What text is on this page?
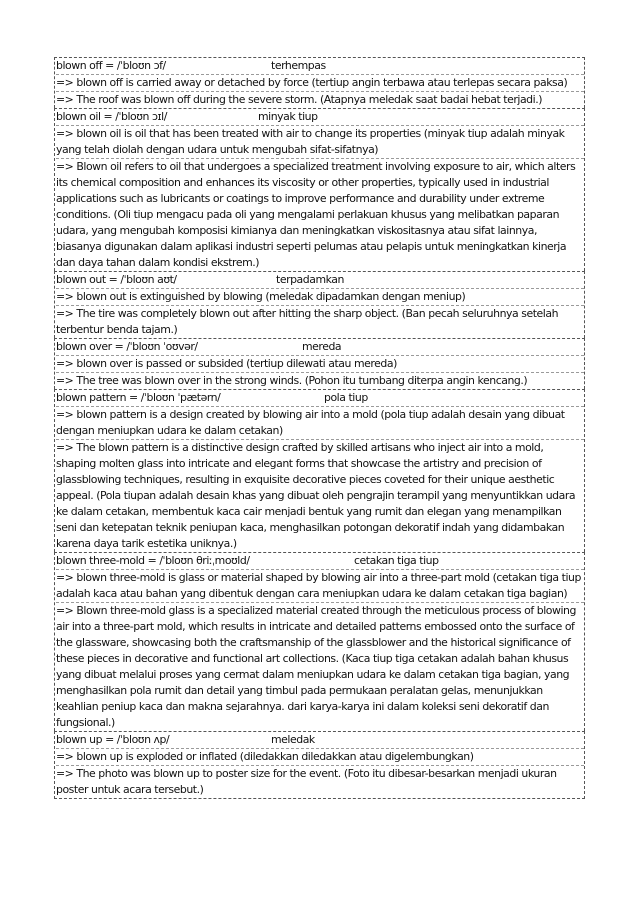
blown off = /ˈbloʊn ɔf/	terhempas
=> blown off is carried away or detached by force (tertiup angin terbawa atau terlepas secara paksa)
=> The roof was blown off during the severe storm. (Atapnya meledak saat badai hebat terjadi.)
blown oil = /ˈbloʊn ɔɪl/	minyak tiup
=> blown oil is oil that has been treated with air to change its properties (minyak tiup adalah minyak yang telah diolah dengan udara untuk mengubah sifat-sifatnya)
=> Blown oil refers to oil that undergoes a specialized treatment involving exposure to air, which alters its chemical composition and enhances its viscosity or other properties, typically used in industrial applications such as lubricants or coatings to improve performance and durability under extreme conditions. (Oli tiup mengacu pada oli yang mengalami perlakuan khusus yang melibatkan paparan udara, yang mengubah komposisi kimianya dan meningkatkan viskositasnya atau sifat lainnya, biasanya digunakan dalam aplikasi industri seperti pelumas atau pelapis untuk meningkatkan kinerja dan daya tahan dalam kondisi ekstrem.)
blown out = /ˈbloʊn aʊt/	terpadamkan
=> blown out is extinguished by blowing (meledak dipadamkan dengan meniup)
=> The tire was completely blown out after hitting the sharp object. (Ban pecah seluruhnya setelah terbentur benda tajam.)
blown over = /ˈbloʊn ˈoʊvər/	mereda
=> blown over is passed or subsided (tertiup dilewati atau mereda)
=> The tree was blown over in the strong winds. (Pohon itu tumbang diterpa angin kencang.)
blown pattern = /ˈbloʊn ˈpætərn/	pola tiup
=> blown pattern is a design created by blowing air into a mold (pola tiup adalah desain yang dibuat dengan meniupkan udara ke dalam cetakan)
=> The blown pattern is a distinctive design crafted by skilled artisans who inject air into a mold, shaping molten glass into intricate and elegant forms that showcase the artistry and precision of glassblowing techniques, resulting in exquisite decorative pieces coveted for their unique aesthetic appeal. (Pola tiupan adalah desain khas yang dibuat oleh pengrajin terampil yang menyuntikkan udara ke dalam cetakan, membentuk kaca cair menjadi bentuk yang rumit dan elegan yang menampilkan seni dan ketepatan teknik peniupan kaca, menghasilkan potongan dekoratif indah yang didambakan karena daya tarik estetika uniknya.)
blown three-mold = /ˈbloʊn θriːˌmoʊld/	cetakan tiga tiup
=> blown three-mold is glass or material shaped by blowing air into a three-part mold (cetakan tiga tiup adalah kaca atau bahan yang dibentuk dengan cara meniupkan udara ke dalam cetakan tiga bagian)
=> Blown three-mold glass is a specialized material created through the meticulous process of blowing air into a three-part mold, which results in intricate and detailed patterns embossed onto the surface of the glassware, showcasing both the craftsmanship of the glassblower and the historical significance of these pieces in decorative and functional art collections. (Kaca tiup tiga cetakan adalah bahan khusus yang dibuat melalui proses yang cermat dalam meniupkan udara ke dalam cetakan tiga bagian, yang menghasilkan pola rumit dan detail yang timbul pada permukaan peralatan gelas, menunjukkan keahlian peniup kaca dan makna sejarahnya. dari karya-karya ini dalam koleksi seni dekoratif dan fungsional.)
blown up = /ˈbloʊn ʌp/	meledak
=> blown up is exploded or inflated (diledakkan diledakkan atau digelembungkan)
=> The photo was blown up to poster size for the event. (Foto itu dibesar-besarkan menjadi ukuran poster untuk acara tersebut.)
